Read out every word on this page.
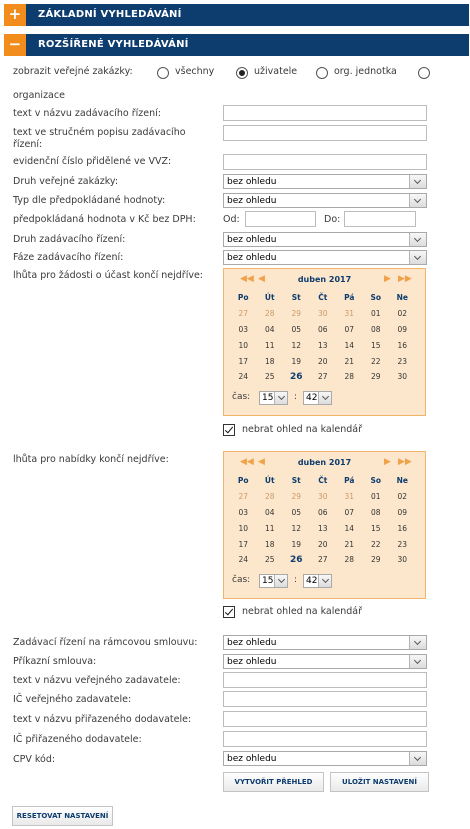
+	ZÁKLADNÍ VYHLEDÁVÁNÍ
−	ROZŠÍŘENÉ VYHLEDÁVÁNÍ
zobrazit veřejné zakázky:	všechny	uživatele	org. jednotka
organizace
text v názvu zadávacího řízení:
text ve stručném popisu zadávacího řízení:
evidenční číslo přidělené ve VVZ:
Druh veřejné zakázky:	bez ohledu
Typ dle předpokládané hodnoty:	bez ohledu
předpokládaná hodnota v Kč bez DPH:	Od:	Do:
Druh zadávacího řízení:	bez ohledu
Fáze zadávacího řízení:	bez ohledu
lhůta pro žádosti o účast končí nejdříve:	◀◀ ◀	duben 2017	▶ ▶▶
Po	Út	St	Čt	Pá	So	Ne
27	28	29	30	31	01	02
03	04	05	06	07	08	09
10	11	12	13	14	15	16
17	18	19	20	21	22	23
24	25	26	27	28	29	30
čas: 15 : 42
nebrat ohled na kalendář
lhůta pro nabídky končí nejdříve:	◀◀ ◀	duben 2017	▶ ▶▶
Po	Út	St	Čt	Pá	So	Ne
27	28	29	30	31	01	02
03	04	05	06	07	08	09
10	11	12	13	14	15	16
17	18	19	20	21	22	23
24	25	26	27	28	29	30
čas: 15 : 42
nebrat ohled na kalendář
Zadávací řízení na rámcovou smlouvu:	bez ohledu
Příkazní smlouva:	bez ohledu
text v názvu veřejného zadavatele:
IČ veřejného zadavatele:
text v názvu přiřazeného dodavatele:
IČ přiřazeného dodavatele:
CPV kód:	bez ohledu
VYTVOŘIT PŘEHLED	ULOŽIT NASTAVENÍ
RESETOVAT NASTAVENÍ
